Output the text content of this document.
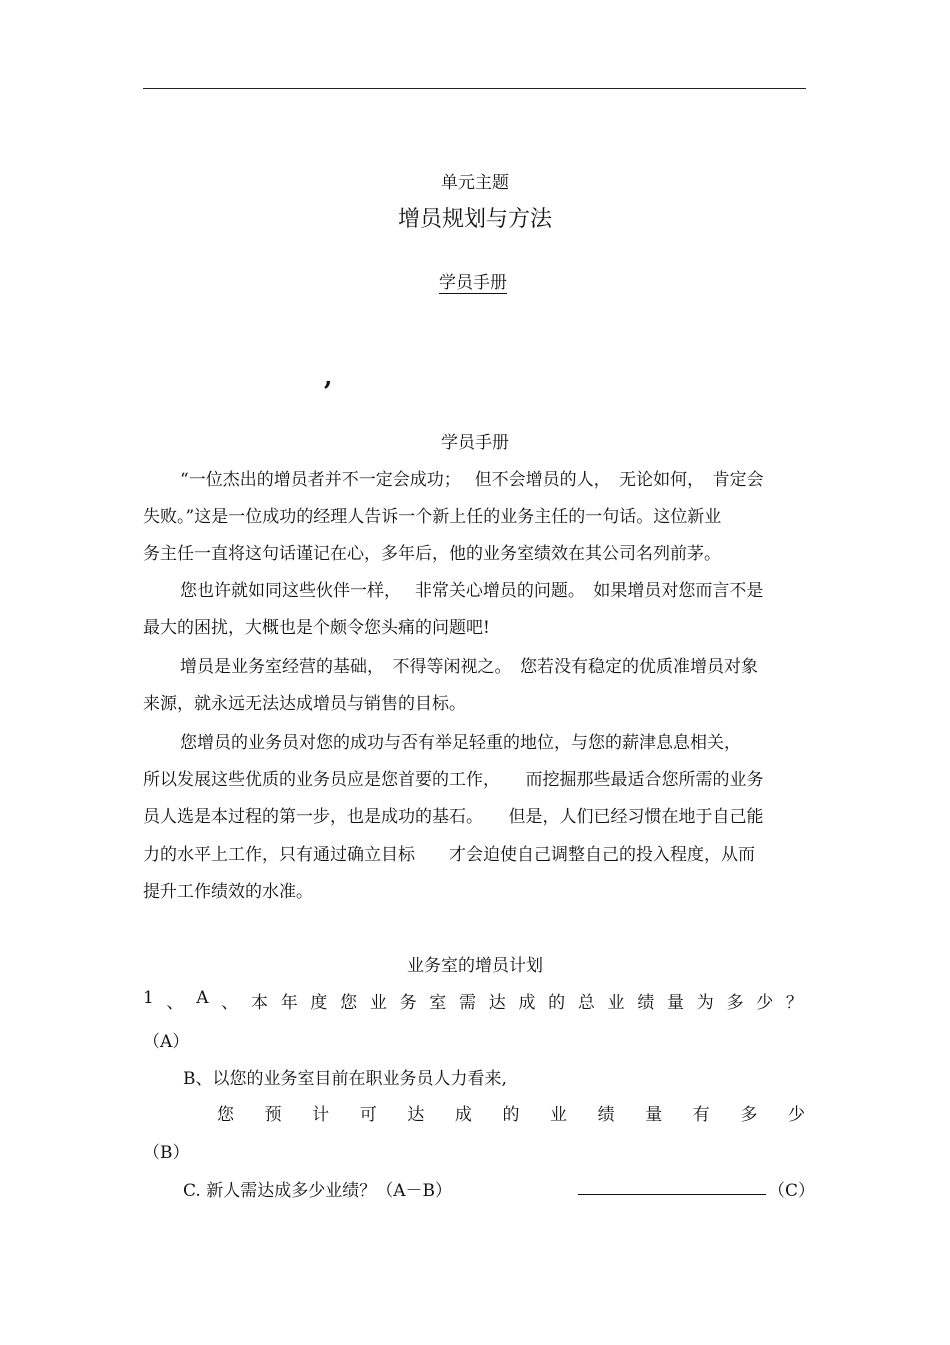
单元主题
增员规划与方法
学员手册
,
学员手册
“一位杰出的增员者并不一定会成功；　 但不会增员的人，　无论如何，　肯定会
失败。”这是一位成功的经理人告诉一个新上任的业务主任的一句话。这位新业
务主任一直将这句话谨记在心，多年后，他的业务室绩效在其公司名列前茅。
您也许就如同这些伙伴一样，　 非常关心增员的问题。　如果增员对您而言不是
最大的困扰，大概也是个颇令您头痛的问题吧!
增员是业务室经营的基础，　不得等闲视之。　您若没有稳定的优质准增员对象
来源，就永远无法达成增员与销售的目标。
您增员的业务员对您的成功与否有举足轻重的地位，与您的薪津息息相关，
所以发展这些优质的业务员应是您首要的工作，　　而挖掘那些最适合您所需的业务
员人选是本过程的第一步，也是成功的基石。　　但是，人们已经习惯在地于自己能
力的水平上工作，只有通过确立目标　　才会迫使自己调整自己的投入程度，从而
提升工作绩效的水准。
业务室的增员计划
1 、 A 、 本 年 度 您 业 务 室 需 达 成 的 总 业 绩 量 为 多 少 ？
（A）
B、以您的业务室目前在职业务员人力看来,
您 预 计 可 达 成 的 业 绩 量 有 多 少
（B）
C. 新人需达成多少业绩？（A－B）	（C）
